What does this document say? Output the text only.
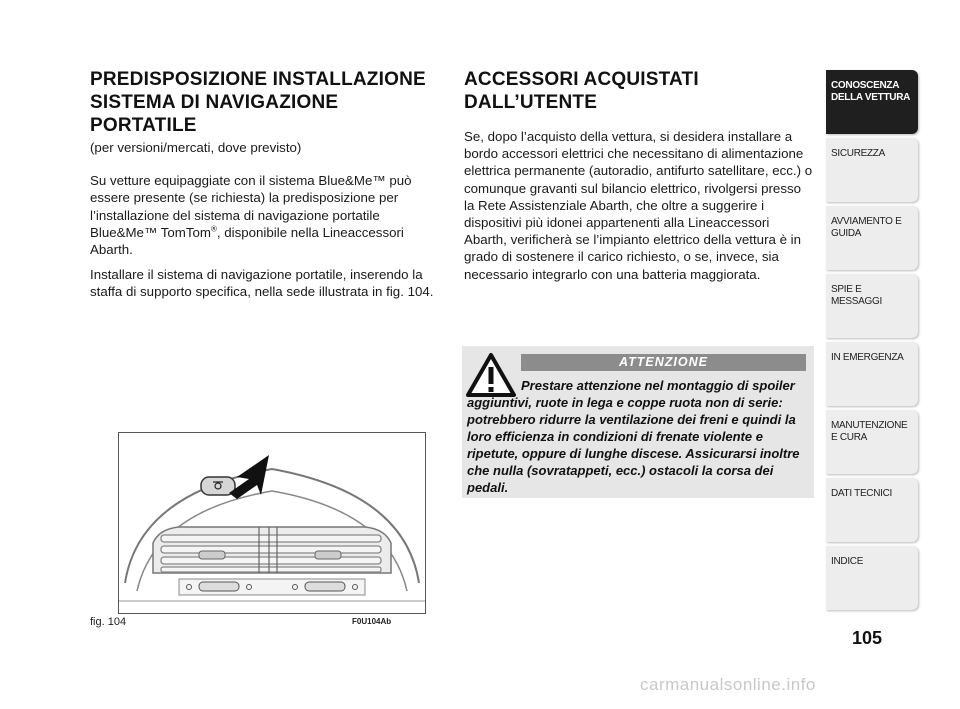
PREDISPOSIZIONE INSTALLAZIONE
SISTEMA DI NAVIGAZIONE
PORTATILE

(per versioni/mercati, dove previsto)

Su vetture equipaggiate con il sistema Blue&Me™ può essere presente (se richiesta) la predisposizione per l’installazione del sistema di navigazione portatile Blue&Me™ TomTom®, disponibile nella Lineaccessori Abarth.

Installare il sistema di navigazione portatile, inserendo la staffa di supporto specifica, nella sede illustrata in fig. 104.

fig. 104	F0U104Ab
ACCESSORI ACQUISTATI
DALL’UTENTE

Se, dopo l’acquisto della vettura, si desidera installare a bordo accessori elettrici che necessitano di alimentazione elettrica permanente (autoradio, antifurto satellitare, ecc.) o comunque gravanti sul bilancio elettrico, rivolgersi presso la Rete Assistenziale Abarth, che oltre a suggerire i dispositivi più idonei appartenenti alla Lineaccessori Abarth, verificherà se l’impianto elettrico della vettura è in grado di sostenere il carico richiesto, o se, invece, sia necessario integrarlo con una batteria maggiorata.

ATTENZIONE

Prestare attenzione nel montaggio di spoiler aggiuntivi, ruote in lega e coppe ruota non di serie: potrebbero ridurre la ventilazione dei freni e quindi la loro efficienza in condizioni di frenate violente e ripetute, oppure di lunghe discese. Assicurarsi inoltre che nulla (sovratappeti, ecc.) ostacoli la corsa dei pedali.

CONOSCENZA DELLA VETTURA
SICUREZZA
AVVIAMENTO E GUIDA
SPIE E MESSAGGI
IN EMERGENZA
MANUTENZIONE E CURA
DATI TECNICI
INDICE
105
carmanualsonline.info
